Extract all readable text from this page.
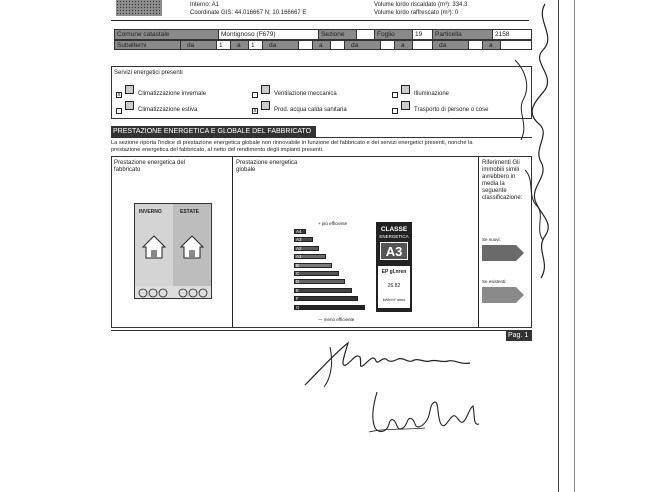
Interno: A1
Coordinate GIS: 44.016667 N; 10.166667 E
Volume lordo riscaldato (m³): 334.3
Volume lordo raffrescato (m³): 0
Comune catastale	Montignoso (F679)	Sezione	Foglio	19	Particella	2158
Subalterni	da	1	a	1	da	a	da	a	da	a
Servizi energetici presenti
x	Climatizzazione invernale
Climatizzazione estiva
Ventilazione meccanica
x	Prod. acqua calda sanitaria
Illuminazione
Trasporto di persone o cose
PRESTAZIONE ENERGETICA E GLOBALE DEL FABBRICATO
La sezione riporta l'indice di prestazione energetica globale non rinnovabile in funzione del fabbricato e dei servizi energetici presenti, nonché la
prestazione energetica del fabbricato, al netto del rendimento degli impianti presenti.
Prestazione energetica del
fabbricato
INVERNO	ESTATE
Prestazione energetica
globale
+ più efficiente
A4
A3
A2
A1
B
C
D
E
F
G
— meno efficiente
CLASSE
ENERGETICA
A3
EP gl,nren
26.82
kWh/m² anno
Riferimenti Gli
immobili simili
avrebbero in
media la
seguente
classificazione:
Se nuovi:
Se esistenti:
Pag. 1
